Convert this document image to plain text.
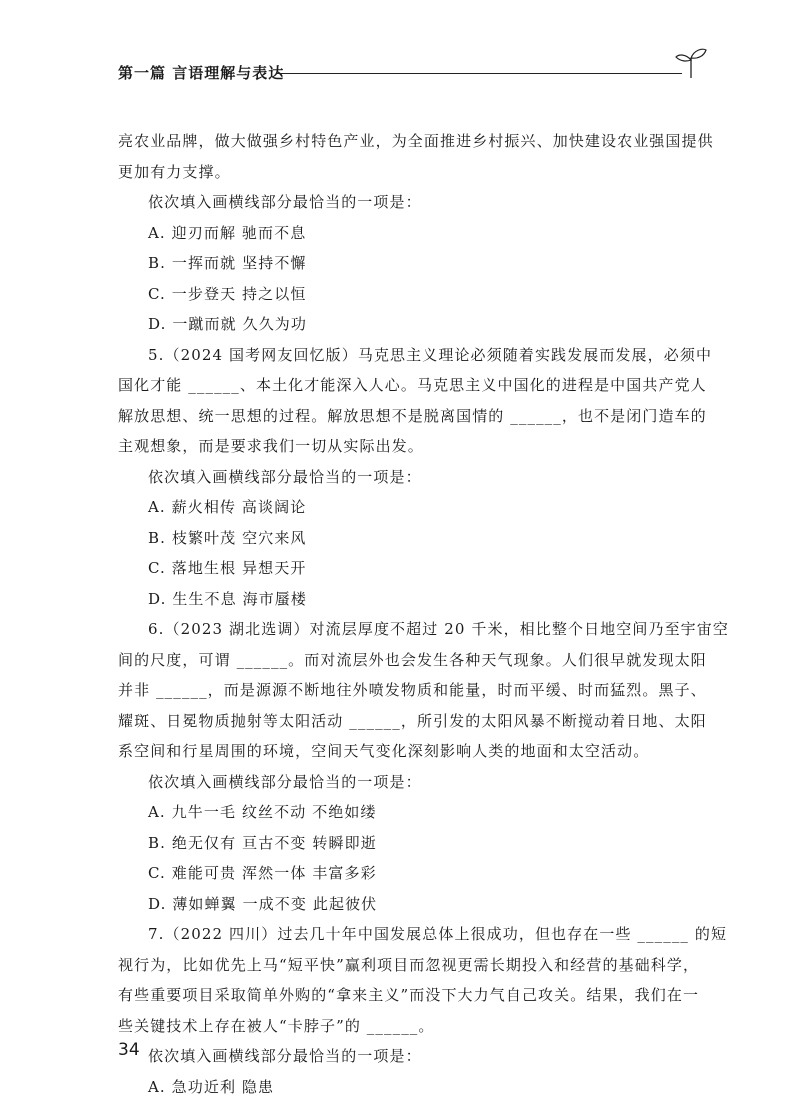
第一篇 言语理解与表达
亮农业品牌，做大做强乡村特色产业，为全面推进乡村振兴、加快建设农业强国提供
更加有力支撑。
依次填入画横线部分最恰当的一项是：
A. 迎刃而解 驰而不息
B. 一挥而就 坚持不懈
C. 一步登天 持之以恒
D. 一蹴而就 久久为功
5.（2024 国考网友回忆版）马克思主义理论必须随着实践发展而发展，必须中
国化才能 ______、本土化才能深入人心。马克思主义中国化的进程是中国共产党人
解放思想、统一思想的过程。解放思想不是脱离国情的 ______，也不是闭门造车的
主观想象，而是要求我们一切从实际出发。
依次填入画横线部分最恰当的一项是：
A. 薪火相传 高谈阔论
B. 枝繁叶茂 空穴来风
C. 落地生根 异想天开
D. 生生不息 海市蜃楼
6.（2023 湖北选调）对流层厚度不超过 20 千米，相比整个日地空间乃至宇宙空
间的尺度，可谓 ______。而对流层外也会发生各种天气现象。人们很早就发现太阳
并非 ______，而是源源不断地往外喷发物质和能量，时而平缓、时而猛烈。黑子、
耀斑、日冕物质抛射等太阳活动 ______，所引发的太阳风暴不断搅动着日地、太阳
系空间和行星周围的环境，空间天气变化深刻影响人类的地面和太空活动。
依次填入画横线部分最恰当的一项是：
A. 九牛一毛 纹丝不动 不绝如缕
B. 绝无仅有 亘古不变 转瞬即逝
C. 难能可贵 浑然一体 丰富多彩
D. 薄如蝉翼 一成不变 此起彼伏
7.（2022 四川）过去几十年中国发展总体上很成功，但也存在一些 ______ 的短
视行为，比如优先上马“短平快”赢利项目而忽视更需长期投入和经营的基础科学，
有些重要项目采取简单外购的“拿来主义”而没下大力气自己攻关。结果，我们在一
些关键技术上存在被人“卡脖子”的 ______。
依次填入画横线部分最恰当的一项是：
A. 急功近利 隐患
34
